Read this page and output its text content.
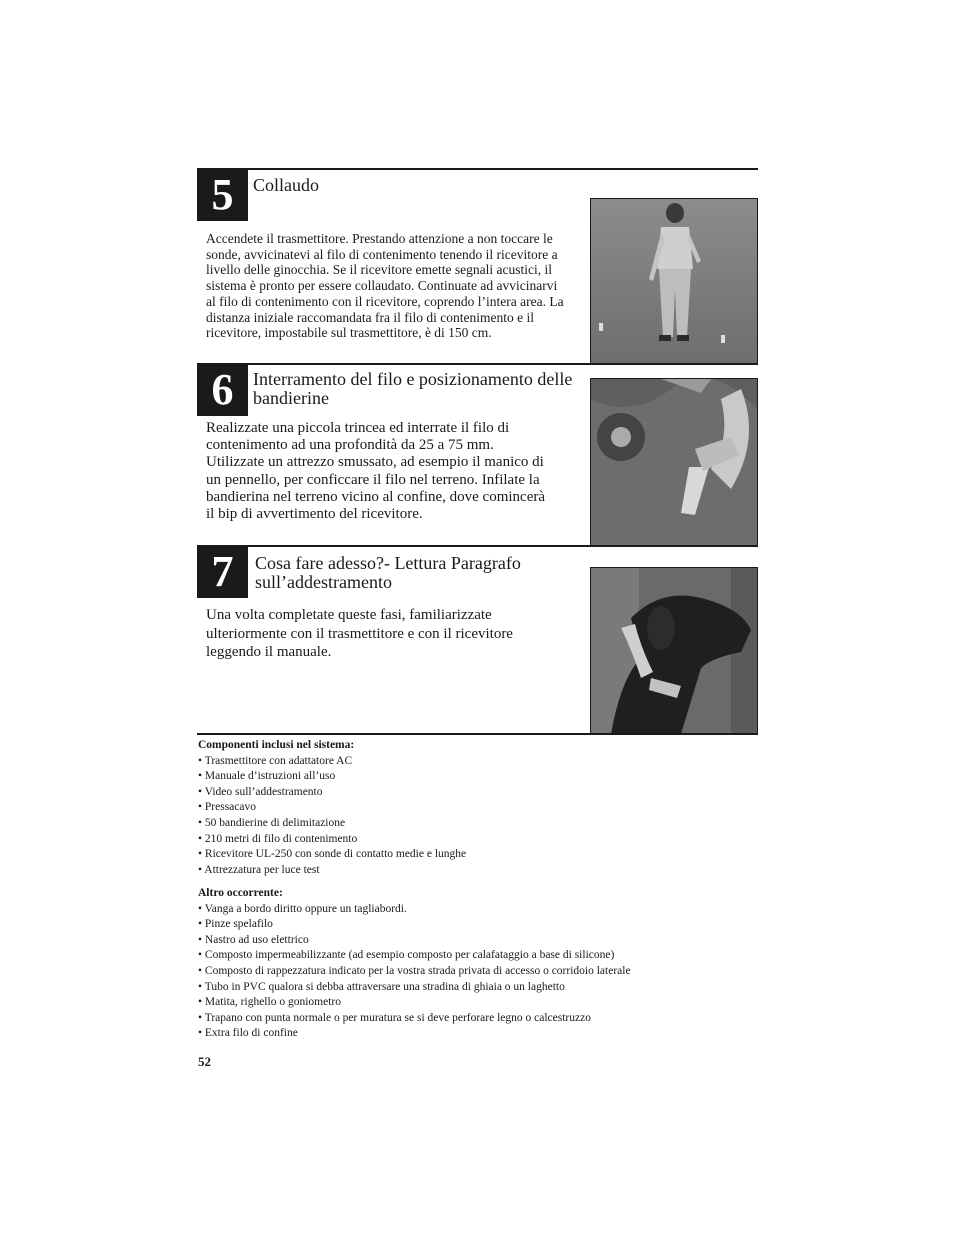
5	Collaudo
Accendete il trasmettitore. Prestando attenzione a non toccare le sonde, avvicinatevi al filo di contenimento tenendo il ricevitore a livello delle ginocchia. Se il ricevitore emette segnali acustici, il sistema è pronto per essere collaudato. Continuate ad avvicinarvi al filo di contenimento con il ricevitore, coprendo l’intera area. La distanza iniziale raccomandata fra il filo di contenimento e il ricevitore, impostabile sul trasmettitore, è di 150 cm.
6	Interramento del filo e posizionamento delle bandierine
Realizzate una piccola trincea ed interrate il filo di contenimento ad una profondità da 25 a 75 mm. Utilizzate un attrezzo smussato, ad esempio il manico di un pennello, per conficcare il filo nel terreno. Infilate la bandierina nel terreno vicino al confine, dove comincerà il bip di avvertimento del ricevitore.
7	Cosa fare adesso?- Lettura Paragrafo sull’addestramento
Una volta completate queste fasi, familiarizzate ulteriormente con il trasmettitore e con il ricevitore leggendo il manuale.
Componenti inclusi nel sistema:
• Trasmettitore con adattatore AC
• Manuale d’istruzioni all’uso
• Video sull’addestramento
• Pressacavo
• 50 bandierine di delimitazione
• 210 metri di filo di contenimento
• Ricevitore UL-250 con sonde di contatto medie e lunghe
• Attrezzatura per luce test
Altro occorrente:
• Vanga a bordo diritto oppure un tagliabordi.
• Pinze spelafilo
• Nastro ad uso elettrico
• Composto impermeabilizzante (ad esempio composto per calafataggio a base di silicone)
• Composto di rappezzatura indicato per la vostra strada privata di accesso o corridoio laterale
• Tubo in PVC qualora si debba attraversare una stradina di ghiaia o un laghetto
• Matita, righello o goniometro
• Trapano con punta normale o per muratura se si deve perforare legno o calcestruzzo
• Extra filo di confine
52
